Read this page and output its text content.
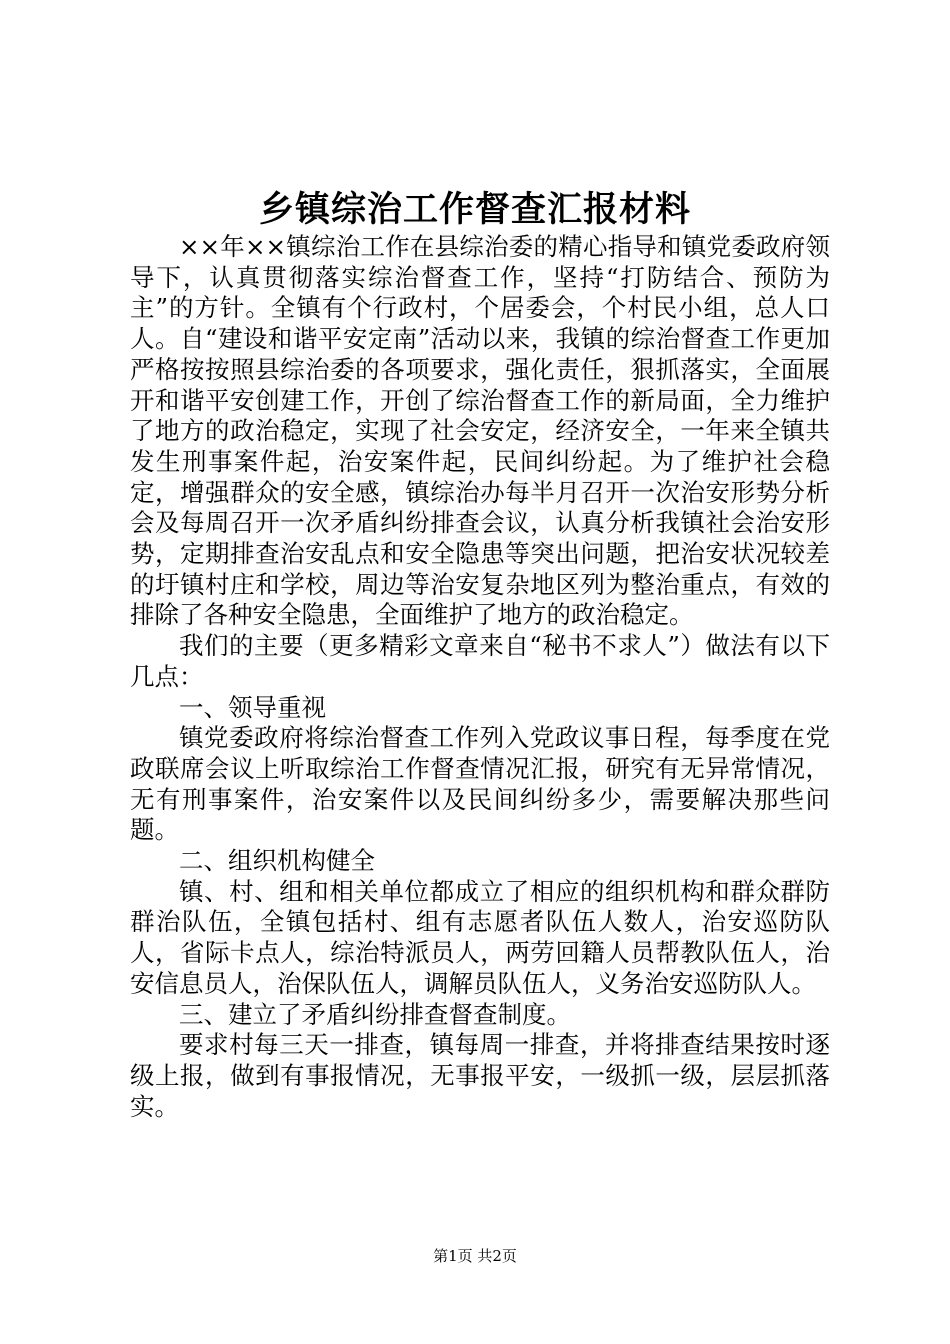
乡镇综治工作督查汇报材料

××年××镇综治工作在县综治委的精心指导和镇党委政府领导下，认真贯彻落实综治督查工作，坚持“打防结合、预防为主”的方针。全镇有个行政村，个居委会，个村民小组，总人口人。自“建设和谐平安定南”活动以来，我镇的综治督查工作更加严格按按照县综治委的各项要求，强化责任，狠抓落实，全面展开和谐平安创建工作，开创了综治督查工作的新局面，全力维护了地方的政治稳定，实现了社会安定，经济安全，一年来全镇共发生刑事案件起，治安案件起，民间纠纷起。为了维护社会稳定，增强群众的安全感，镇综治办每半月召开一次治安形势分析会及每周召开一次矛盾纠纷排查会议，认真分析我镇社会治安形势，定期排查治安乱点和安全隐患等突出问题，把治安状况较差的圩镇村庄和学校，周边等治安复杂地区列为整治重点，有效的排除了各种安全隐患，全面维护了地方的政治稳定。

我们的主要（更多精彩文章来自“秘书不求人”）做法有以下几点：

一、领导重视

镇党委政府将综治督查工作列入党政议事日程，每季度在党政联席会议上听取综治工作督查情况汇报，研究有无异常情况，无有刑事案件，治安案件以及民间纠纷多少，需要解决那些问题。

二、组织机构健全

镇、村、组和相关单位都成立了相应的组织机构和群众群防群治队伍，全镇包括村、组有志愿者队伍人数人，治安巡防队人，省际卡点人，综治特派员人，两劳回籍人员帮教队伍人，治安信息员人，治保队伍人，调解员队伍人，义务治安巡防队人。

三、建立了矛盾纠纷排查督查制度。

要求村每三天一排查，镇每周一排查，并将排查结果按时逐级上报，做到有事报情况，无事报平安，一级抓一级，层层抓落实。

第1页 共2页
